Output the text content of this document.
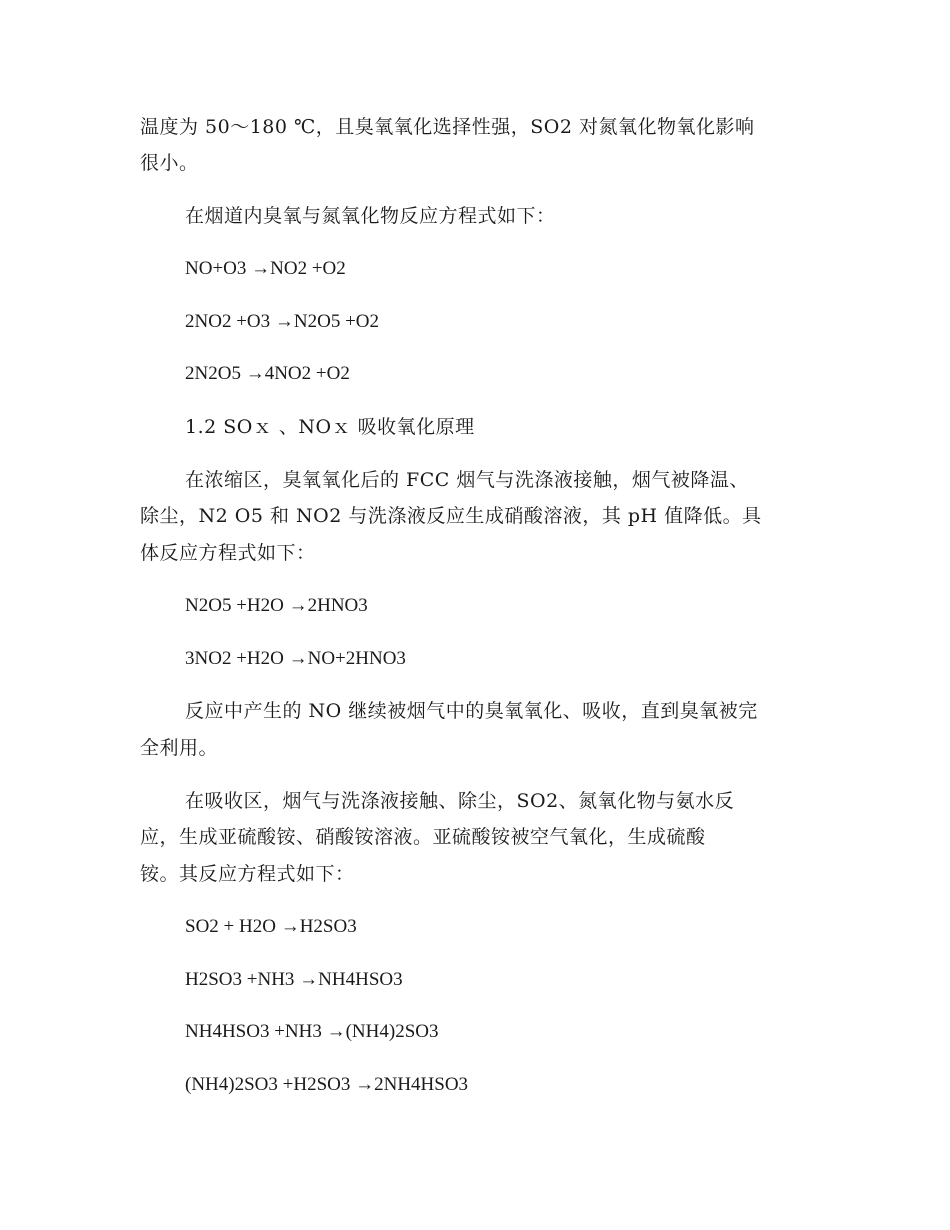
温度为 50～180 ℃，且臭氧氧化选择性强，SO2 对氮氧化物氧化影响
很小。
在烟道内臭氧与氮氧化物反应方程式如下：
NO+O3 →NO2 +O2
2NO2 +O3 →N2O5 +O2
2N2O5 →4NO2 +O2
1.2 SOｘ 、NOｘ 吸收氧化原理
在浓缩区，臭氧氧化后的 FCC 烟气与洗涤液接触，烟气被降温、
除尘，N2 O5 和 NO2 与洗涤液反应生成硝酸溶液，其 pH 值降低。具
体反应方程式如下：
N2O5 +H2O →2HNO3
3NO2 +H2O →NO+2HNO3
反应中产生的 NO 继续被烟气中的臭氧氧化、吸收，直到臭氧被完
全利用。
在吸收区，烟气与洗涤液接触、除尘，SO2、氮氧化物与氨水反
应，生成亚硫酸铵、硝酸铵溶液。亚硫酸铵被空气氧化，生成硫酸
铵。其反应方程式如下：
SO2 + H2O →H2SO3
H2SO3 +NH3 →NH4HSO3
NH4HSO3 +NH3 →(NH4)2SO3
(NH4)2SO3 +H2SO3 →2NH4HSO3
